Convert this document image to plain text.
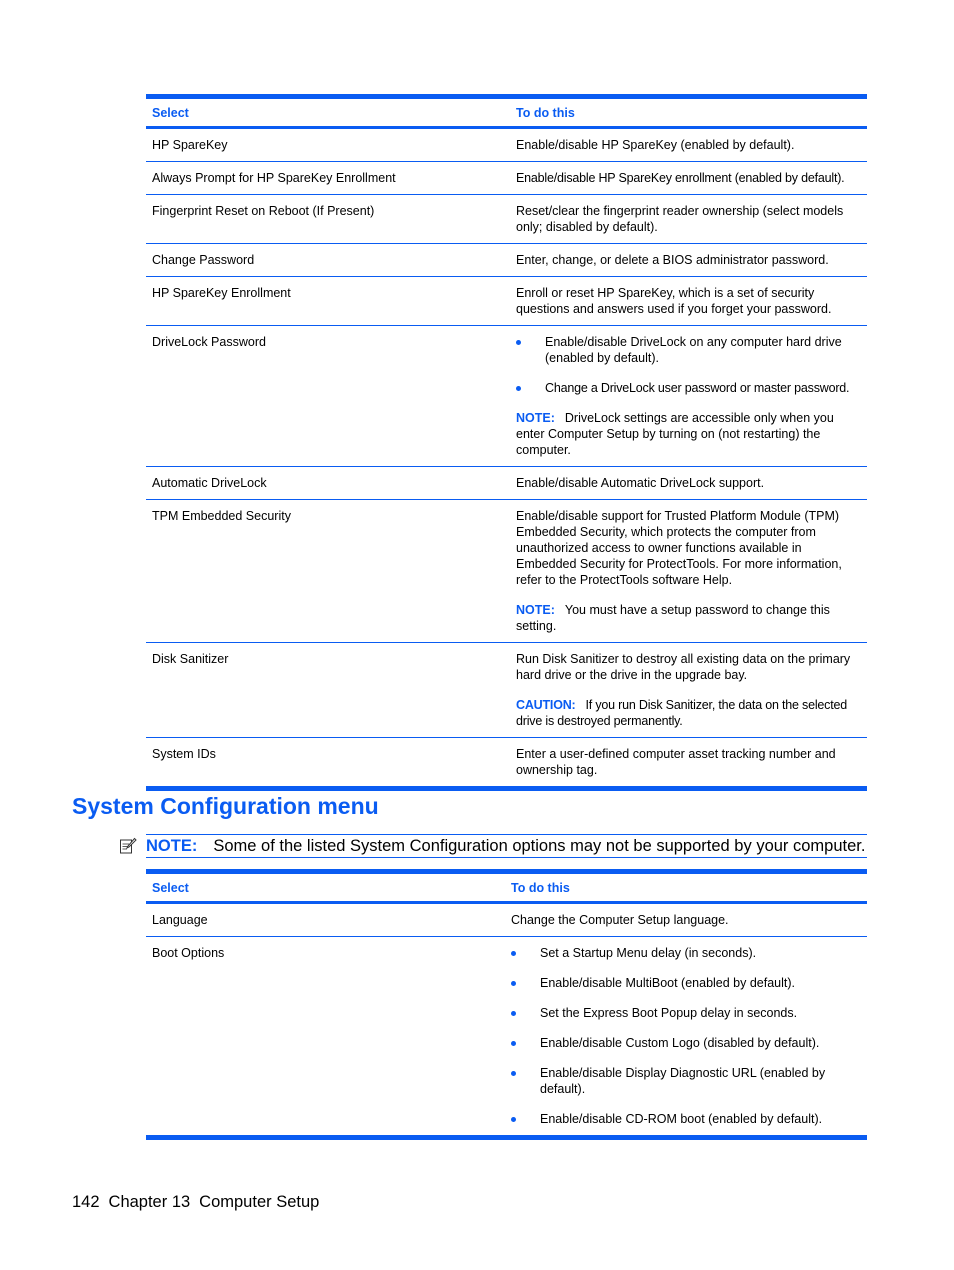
Select	To do this
HP SpareKey	Enable/disable HP SpareKey (enabled by default).
Always Prompt for HP SpareKey Enrollment	Enable/disable HP SpareKey enrollment (enabled by default).
Fingerprint Reset on Reboot (If Present)	Reset/clear the fingerprint reader ownership (select models only; disabled by default).
Change Password	Enter, change, or delete a BIOS administrator password.
HP SpareKey Enrollment	Enroll or reset HP SpareKey, which is a set of security questions and answers used if you forget your password.
DriveLock Password	Enable/disable DriveLock on any computer hard drive (enabled by default).
Change a DriveLock user password or master password.
NOTE: DriveLock settings are accessible only when you enter Computer Setup by turning on (not restarting) the computer.
Automatic DriveLock	Enable/disable Automatic DriveLock support.
TPM Embedded Security	Enable/disable support for Trusted Platform Module (TPM) Embedded Security, which protects the computer from unauthorized access to owner functions available in Embedded Security for ProtectTools. For more information, refer to the ProtectTools software Help.
NOTE: You must have a setup password to change this setting.
Disk Sanitizer	Run Disk Sanitizer to destroy all existing data on the primary hard drive or the drive in the upgrade bay.
CAUTION: If you run Disk Sanitizer, the data on the selected drive is destroyed permanently.
System IDs	Enter a user-defined computer asset tracking number and ownership tag.
System Configuration menu
NOTE: Some of the listed System Configuration options may not be supported by your computer.
Select	To do this
Language	Change the Computer Setup language.
Boot Options	Set a Startup Menu delay (in seconds).
Enable/disable MultiBoot (enabled by default).
Set the Express Boot Popup delay in seconds.
Enable/disable Custom Logo (disabled by default).
Enable/disable Display Diagnostic URL (enabled by default).
Enable/disable CD-ROM boot (enabled by default).
142 Chapter 13 Computer Setup
